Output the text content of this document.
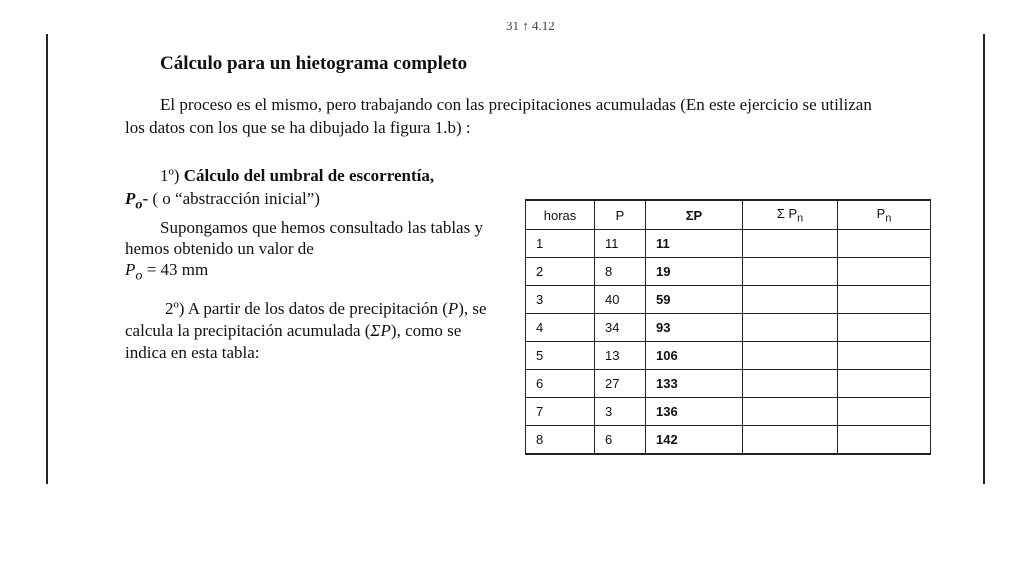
31 ↑ 4.12
Cálculo para un hietograma completo
El proceso es el mismo, pero trabajando con las precipitaciones acumuladas (En este ejercicio se utilizan los datos con los que se ha dibujado la figura 1.b) :
1º) Cálculo del umbral de escorrentía,
$P_o-$ ( o “abstracción inicial”)
Supongamos que hemos consultado las tablas y hemos obtenido un valor de
$P_o = 43$ mm
2º) A partir de los datos de precipitación (P), se calcula la precipitación acumulada (ΣP), como se indica en esta tabla:
horas	P	ΣP	Σ $P_n$	$P_n$
1	11	11		
2	8	19		
3	40	59		
4	34	93		
5	13	106		
6	27	133		
7	3	136		
8	6	142		
